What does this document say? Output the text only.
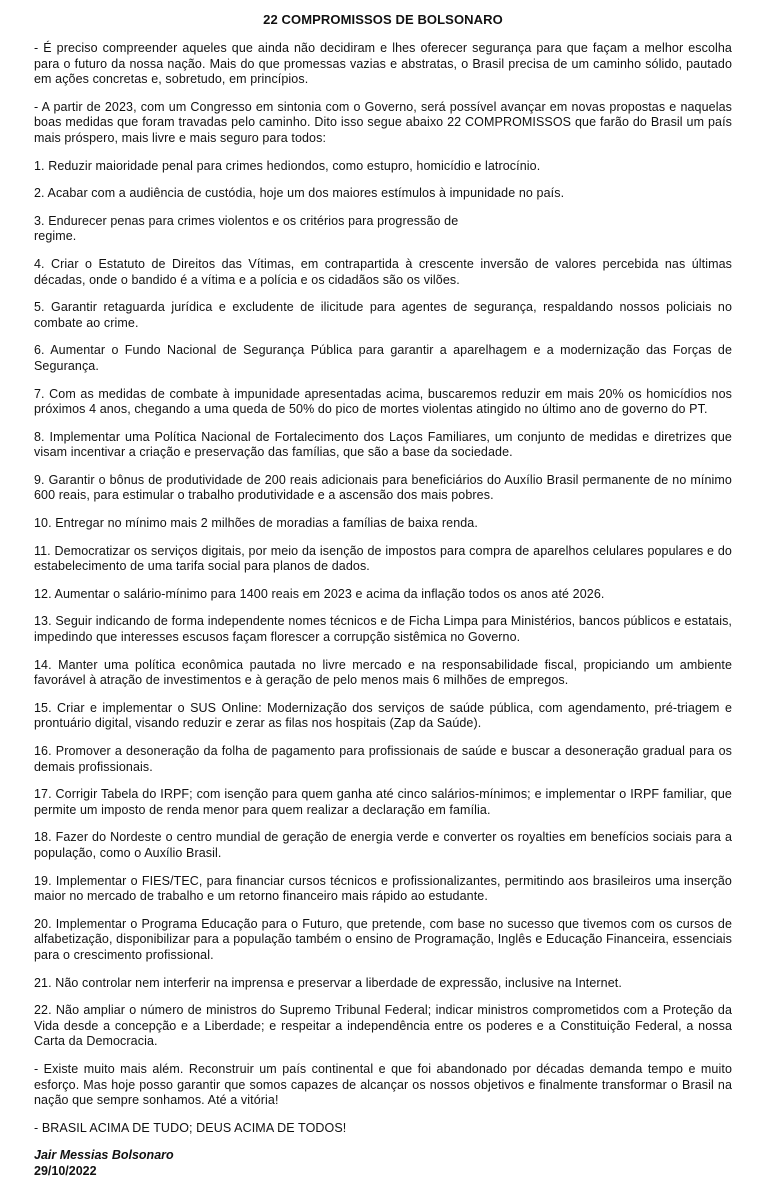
22 COMPROMISSOS DE BOLSONARO
- É preciso compreender aqueles que ainda não decidiram e lhes oferecer segurança para que façam a melhor escolha para o futuro da nossa nação. Mais do que promessas vazias e abstratas, o Brasil precisa de um caminho sólido, pautado em ações concretas e, sobretudo, em princípios.
- A partir de 2023, com um Congresso em sintonia com o Governo, será possível avançar em novas propostas e naquelas boas medidas que foram travadas pelo caminho. Dito isso segue abaixo 22 COMPROMISSOS que farão do Brasil um país mais próspero, mais livre e mais seguro para todos:
1. Reduzir maioridade penal para crimes hediondos, como estupro, homicídio e latrocínio.
2. Acabar com a audiência de custódia, hoje um dos maiores estímulos à impunidade no país.
3. Endurecer penas para crimes violentos e os critérios para progressão de
regime.
4. Criar o Estatuto de Direitos das Vítimas, em contrapartida à crescente inversão de valores percebida nas últimas décadas, onde o bandido é a vítima e a polícia e os cidadãos são os vilões.
5. Garantir retaguarda jurídica e excludente de ilicitude para agentes de segurança, respaldando nossos policiais no combate ao crime.
6. Aumentar o Fundo Nacional de Segurança Pública para garantir a aparelhagem e a modernização das Forças de Segurança.
7. Com as medidas de combate à impunidade apresentadas acima, buscaremos reduzir em mais 20% os homicídios nos próximos 4 anos, chegando a uma queda de 50% do pico de mortes violentas atingido no último ano de governo do PT.
8. Implementar uma Política Nacional de Fortalecimento dos Laços Familiares, um conjunto de medidas e diretrizes que visam incentivar a criação e preservação das famílias, que são a base da sociedade.
9. Garantir o bônus de produtividade de 200 reais adicionais para beneficiários do Auxílio Brasil permanente de no mínimo 600 reais, para estimular o trabalho produtividade e a ascensão dos mais pobres.
10. Entregar no mínimo mais 2 milhões de moradias a famílias de baixa renda.
11. Democratizar os serviços digitais, por meio da isenção de impostos para compra de aparelhos celulares populares e do estabelecimento de uma tarifa social para planos de dados.
12. Aumentar o salário-mínimo para 1400 reais em 2023 e acima da inflação todos os anos até 2026.
13. Seguir indicando de forma independente nomes técnicos e de Ficha Limpa para Ministérios, bancos públicos e estatais, impedindo que interesses escusos façam florescer a corrupção sistêmica no Governo.
14. Manter uma política econômica pautada no livre mercado e na responsabilidade fiscal, propiciando um ambiente favorável à atração de investimentos e à geração de pelo menos mais 6 milhões de empregos.
15. Criar e implementar o SUS Online: Modernização dos serviços de saúde pública, com agendamento, pré-triagem e prontuário digital, visando reduzir e zerar as filas nos hospitais (Zap da Saúde).
16. Promover a desoneração da folha de pagamento para profissionais de saúde e buscar a desoneração gradual para os demais profissionais.
17. Corrigir Tabela do IRPF; com isenção para quem ganha até cinco salários-mínimos; e implementar o IRPF familiar, que permite um imposto de renda menor para quem realizar a declaração em família.
18. Fazer do Nordeste o centro mundial de geração de energia verde e converter os royalties em benefícios sociais para a população, como o Auxílio Brasil.
19. Implementar o FIES/TEC, para financiar cursos técnicos e profissionalizantes, permitindo aos brasileiros uma inserção maior no mercado de trabalho e um retorno financeiro mais rápido ao estudante.
20. Implementar o Programa Educação para o Futuro, que pretende, com base no sucesso que tivemos com os cursos de alfabetização, disponibilizar para a população também o ensino de Programação, Inglês e Educação Financeira, essenciais para o crescimento profissional.
21. Não controlar nem interferir na imprensa e preservar a liberdade de expressão, inclusive na Internet.
22. Não ampliar o número de ministros do Supremo Tribunal Federal; indicar ministros comprometidos com a Proteção da Vida desde a concepção e a Liberdade; e respeitar a independência entre os poderes e a Constituição Federal, a nossa Carta da Democracia.
- Existe muito mais além. Reconstruir um país continental e que foi abandonado por décadas demanda tempo e muito esforço. Mas hoje posso garantir que somos capazes de alcançar os nossos objetivos e finalmente transformar o Brasil na nação que sempre sonhamos. Até a vitória!
- BRASIL ACIMA DE TUDO; DEUS ACIMA DE TODOS!
Jair Messias Bolsonaro
29/10/2022
